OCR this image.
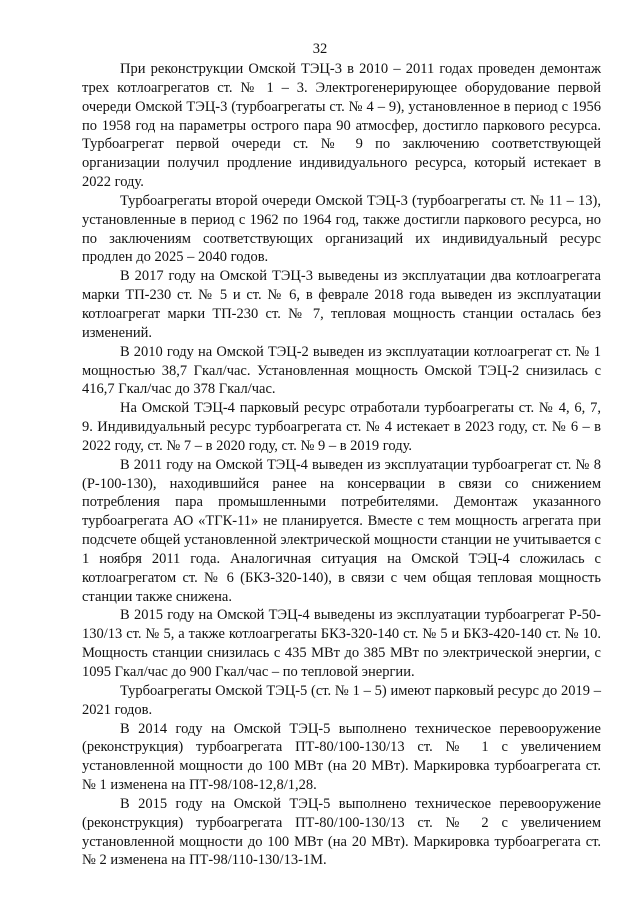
32

При реконструкции Омской ТЭЦ-3 в 2010 – 2011 годах проведен демонтаж трех котлоагрегатов ст. № 1 – 3. Электрогенерирующее оборудование первой очереди Омской ТЭЦ-3 (турбоагрегаты ст. № 4 – 9), установленное в период с 1956 по 1958 год на параметры острого пара 90 атмосфер, достигло паркового ресурса. Турбоагрегат первой очереди ст. № 9 по заключению соответствующей организации получил продление индивидуального ресурса, который истекает в 2022 году.

Турбоагрегаты второй очереди Омской ТЭЦ-3 (турбоагрегаты ст. № 11 – 13), установленные в период с 1962 по 1964 год, также достигли паркового ресурса, но по заключениям соответствующих организаций их индивидуальный ресурс продлен до 2025 – 2040 годов.

В 2017 году на Омской ТЭЦ-3 выведены из эксплуатации два котлоагрегата марки ТП-230 ст. № 5 и ст. № 6, в феврале 2018 года выведен из эксплуатации котлоагрегат марки ТП-230 ст. № 7, тепловая мощность станции осталась без изменений.

В 2010 году на Омской ТЭЦ-2 выведен из эксплуатации котлоагрегат ст. № 1 мощностью 38,7 Гкал/час. Установленная мощность Омской ТЭЦ-2 снизилась с 416,7 Гкал/час до 378 Гкал/час.

На Омской ТЭЦ-4 парковый ресурс отработали турбоагрегаты ст. № 4, 6, 7, 9. Индивидуальный ресурс турбоагрегата ст. № 4 истекает в 2023 году, ст. № 6 – в 2022 году, ст. № 7 – в 2020 году, ст. № 9 – в 2019 году.

В 2011 году на Омской ТЭЦ-4 выведен из эксплуатации турбоагрегат ст. № 8 (Р-100-130), находившийся ранее на консервации в связи со снижением потребления пара промышленными потребителями. Демонтаж указанного турбоагрегата АО «ТГК-11» не планируется. Вместе с тем мощность агрегата при подсчете общей установленной электрической мощности станции не учитывается с 1 ноября 2011 года. Аналогичная ситуация на Омской ТЭЦ-4 сложилась с котлоагрегатом ст. № 6 (БКЗ-320-140), в связи с чем общая тепловая мощность станции также снижена.

В 2015 году на Омской ТЭЦ-4 выведены из эксплуатации турбоагрегат Р-50-130/13 ст. № 5, а также котлоагрегаты БКЗ-320-140 ст. № 5 и БКЗ-420-140 ст. № 10. Мощность станции снизилась с 435 МВт до 385 МВт по электрической энергии, с 1095 Гкал/час до 900 Гкал/час – по тепловой энергии.

Турбоагрегаты Омской ТЭЦ-5 (ст. № 1 – 5) имеют парковый ресурс до 2019 – 2021 годов.

В 2014 году на Омской ТЭЦ-5 выполнено техническое перевооружение (реконструкция) турбоагрегата ПТ-80/100-130/13 ст. № 1 с увеличением установленной мощности до 100 МВт (на 20 МВт). Маркировка турбоагрегата ст. № 1 изменена на ПТ-98/108-12,8/1,28.

В 2015 году на Омской ТЭЦ-5 выполнено техническое перевооружение (реконструкция) турбоагрегата ПТ-80/100-130/13 ст. № 2 с увеличением установленной мощности до 100 МВт (на 20 МВт). Маркировка турбоагрегата ст. № 2 изменена на ПТ-98/110-130/13-1М.
